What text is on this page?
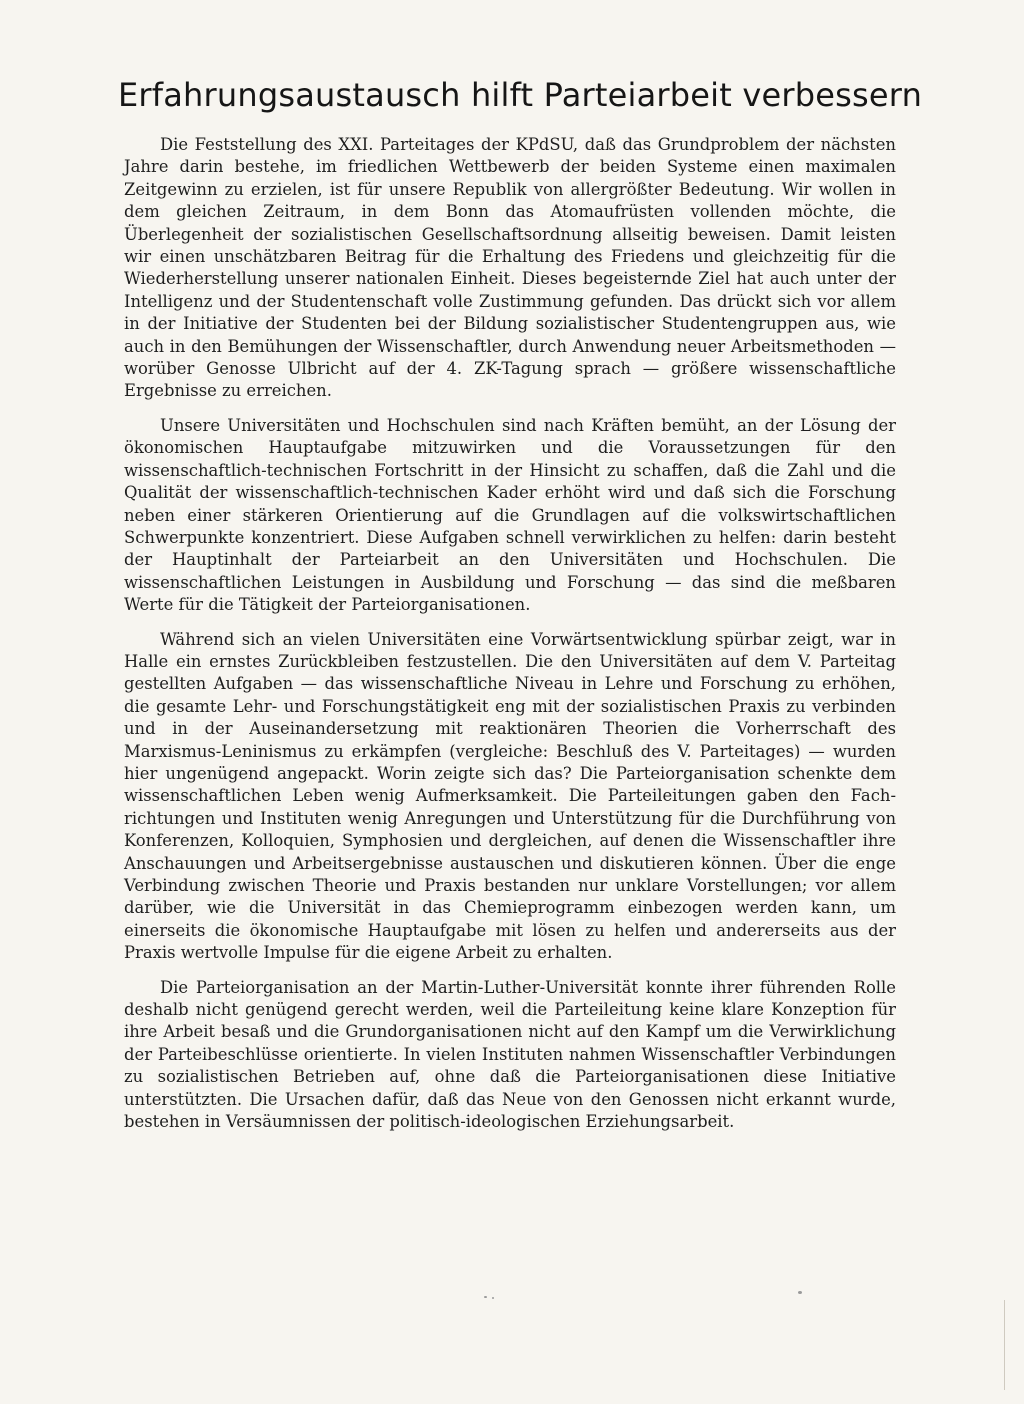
Erfahrungsaustausch hilft Parteiarbeit verbessern

Die Feststellung des XXI. Parteitages der KPdSU, daß das Grundproblem der nächsten Jahre darin bestehe, im friedlichen Wettbewerb der beiden Systeme einen maximalen Zeitgewinn zu erzielen, ist für unsere Republik von allergrößter Bedeutung. Wir wollen in dem gleichen Zeitraum, in dem Bonn das Atomaufrüsten vollenden möchte, die Überlegenheit der sozialistischen Gesellschaftsordnung allseitig beweisen. Damit leisten wir einen unschätzbaren Beitrag für die Erhaltung des Friedens und gleichzeitig für die Wiederherstellung unserer nationalen Einheit. Dieses begeisternde Ziel hat auch unter der Intelligenz und der Studentenschaft volle Zustimmung gefunden. Das drückt sich vor allem in der Initiative der Studenten bei der Bildung sozialistischer Studentengruppen aus, wie auch in den Bemühungen der Wissenschaftler, durch Anwendung neuer Arbeitsmethoden — worüber Genosse Ulbricht auf der 4. ZK-Tagung sprach — größere wissenschaftliche Ergebnisse zu erreichen.

Unsere Universitäten und Hochschulen sind nach Kräften bemüht, an der Lösung der ökonomischen Hauptaufgabe mitzuwirken und die Voraussetzungen für den wissenschaftlich-technischen Fortschritt in der Hinsicht zu schaffen, daß die Zahl und die Qualität der wissenschaftlich-technischen Kader erhöht wird und daß sich die Forschung neben einer stärkeren Orientierung auf die Grundlagen auf die volkswirtschaftlichen Schwerpunkte konzentriert. Diese Aufgaben schnell verwirklichen zu helfen: darin besteht der Hauptinhalt der Parteiarbeit an den Universitäten und Hochschulen. Die wissenschaftlichen Leistungen in Ausbildung und Forschung — das sind die meßbaren Werte für die Tätigkeit der Parteiorganisationen.

Während sich an vielen Universitäten eine Vorwärtsentwicklung spürbar zeigt, war in Halle ein ernstes Zurückbleiben festzustellen. Die den Universitäten auf dem V. Parteitag gestellten Aufgaben — das wissenschaftliche Niveau in Lehre und Forschung zu erhöhen, die gesamte Lehr- und Forschungstätigkeit eng mit der sozialistischen Praxis zu verbinden und in der Auseinandersetzung mit reaktionären Theorien die Vorherrschaft des Marxismus-Leninismus zu erkämpfen (vergleiche: Beschluß des V. Parteitages) — wurden hier ungenügend angepackt. Worin zeigte sich das? Die Parteiorganisation schenkte dem wissenschaftlichen Leben wenig Aufmerksamkeit. Die Parteileitungen gaben den Fachrichtungen und Instituten wenig Anregungen und Unterstützung für die Durchführung von Konferenzen, Kolloquien, Symphosien und dergleichen, auf denen die Wissenschaftler ihre Anschauungen und Arbeitsergebnisse austauschen und diskutieren können. Über die enge Verbindung zwischen Theorie und Praxis bestanden nur unklare Vorstellungen; vor allem darüber, wie die Universität in das Chemieprogramm einbezogen werden kann, um einerseits die ökonomische Hauptaufgabe mit lösen zu helfen und andererseits aus der Praxis wertvolle Impulse für die eigene Arbeit zu erhalten.

Die Parteiorganisation an der Martin-Luther-Universität konnte ihrer führenden Rolle deshalb nicht genügend gerecht werden, weil die Parteileitung keine klare Konzeption für ihre Arbeit besaß und die Grundorganisationen nicht auf den Kampf um die Verwirklichung der Parteibeschlüsse orientierte. In vielen Instituten nahmen Wissenschaftler Verbindungen zu sozialistischen Betrieben auf, ohne daß die Parteiorganisationen diese Initiative unterstützten. Die Ursachen dafür, daß das Neue von den Genossen nicht erkannt wurde, bestehen in Versäumnissen der politisch-ideologischen Erziehungsarbeit.
